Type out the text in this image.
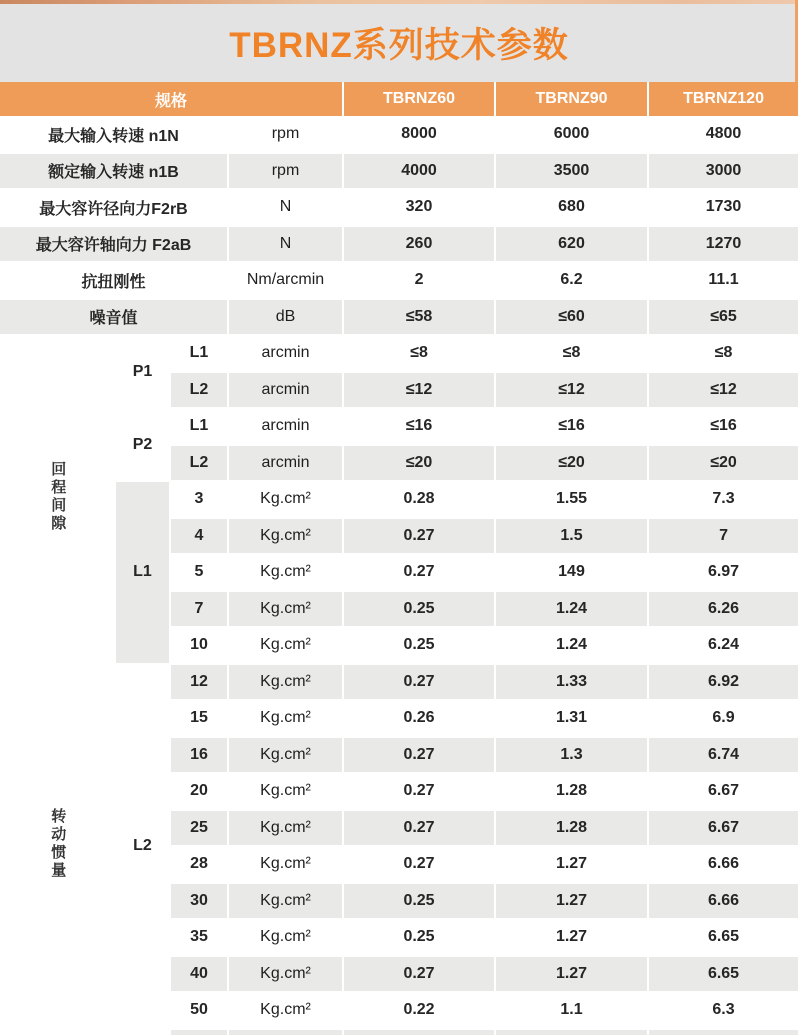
TBRNZ系列技术参数
规格				TBRNZ60	TBRNZ90	TBRNZ120
最大输入转速 n1N			rpm	8000	6000	4800
额定输入转速 n1B			rpm	4000	3500	3000
最大容许径向力F2rB			N	320	680	1730
最大容许轴向力 F2aB			N	260	620	1270
抗扭刚性			Nm/arcmin	2	6.2	11.1
噪音值			dB	≤58	≤60	≤65
回程间隙	P1	L1	arcmin	≤8	≤8	≤8
		L2	arcmin	≤12	≤12	≤12
	P2	L1	arcmin	≤16	≤16	≤16
		L2	arcmin	≤20	≤20	≤20
	L1	3	Kg.cm²	0.28	1.55	7.3
		4	Kg.cm²	0.27	1.5	7
		5	Kg.cm²	0.27	149	6.97
		7	Kg.cm²	0.25	1.24	6.26
		10	Kg.cm²	0.25	1.24	6.24
转动惯量	L2	12	Kg.cm²	0.27	1.33	6.92
		15	Kg.cm²	0.26	1.31	6.9
		16	Kg.cm²	0.27	1.3	6.74
		20	Kg.cm²	0.27	1.28	6.67
		25	Kg.cm²	0.27	1.28	6.67
		28	Kg.cm²	0.27	1.27	6.66
		30	Kg.cm²	0.25	1.27	6.66
		35	Kg.cm²	0.25	1.27	6.65
		40	Kg.cm²	0.27	1.27	6.65
		50	Kg.cm²	0.22	1.1	6.3
